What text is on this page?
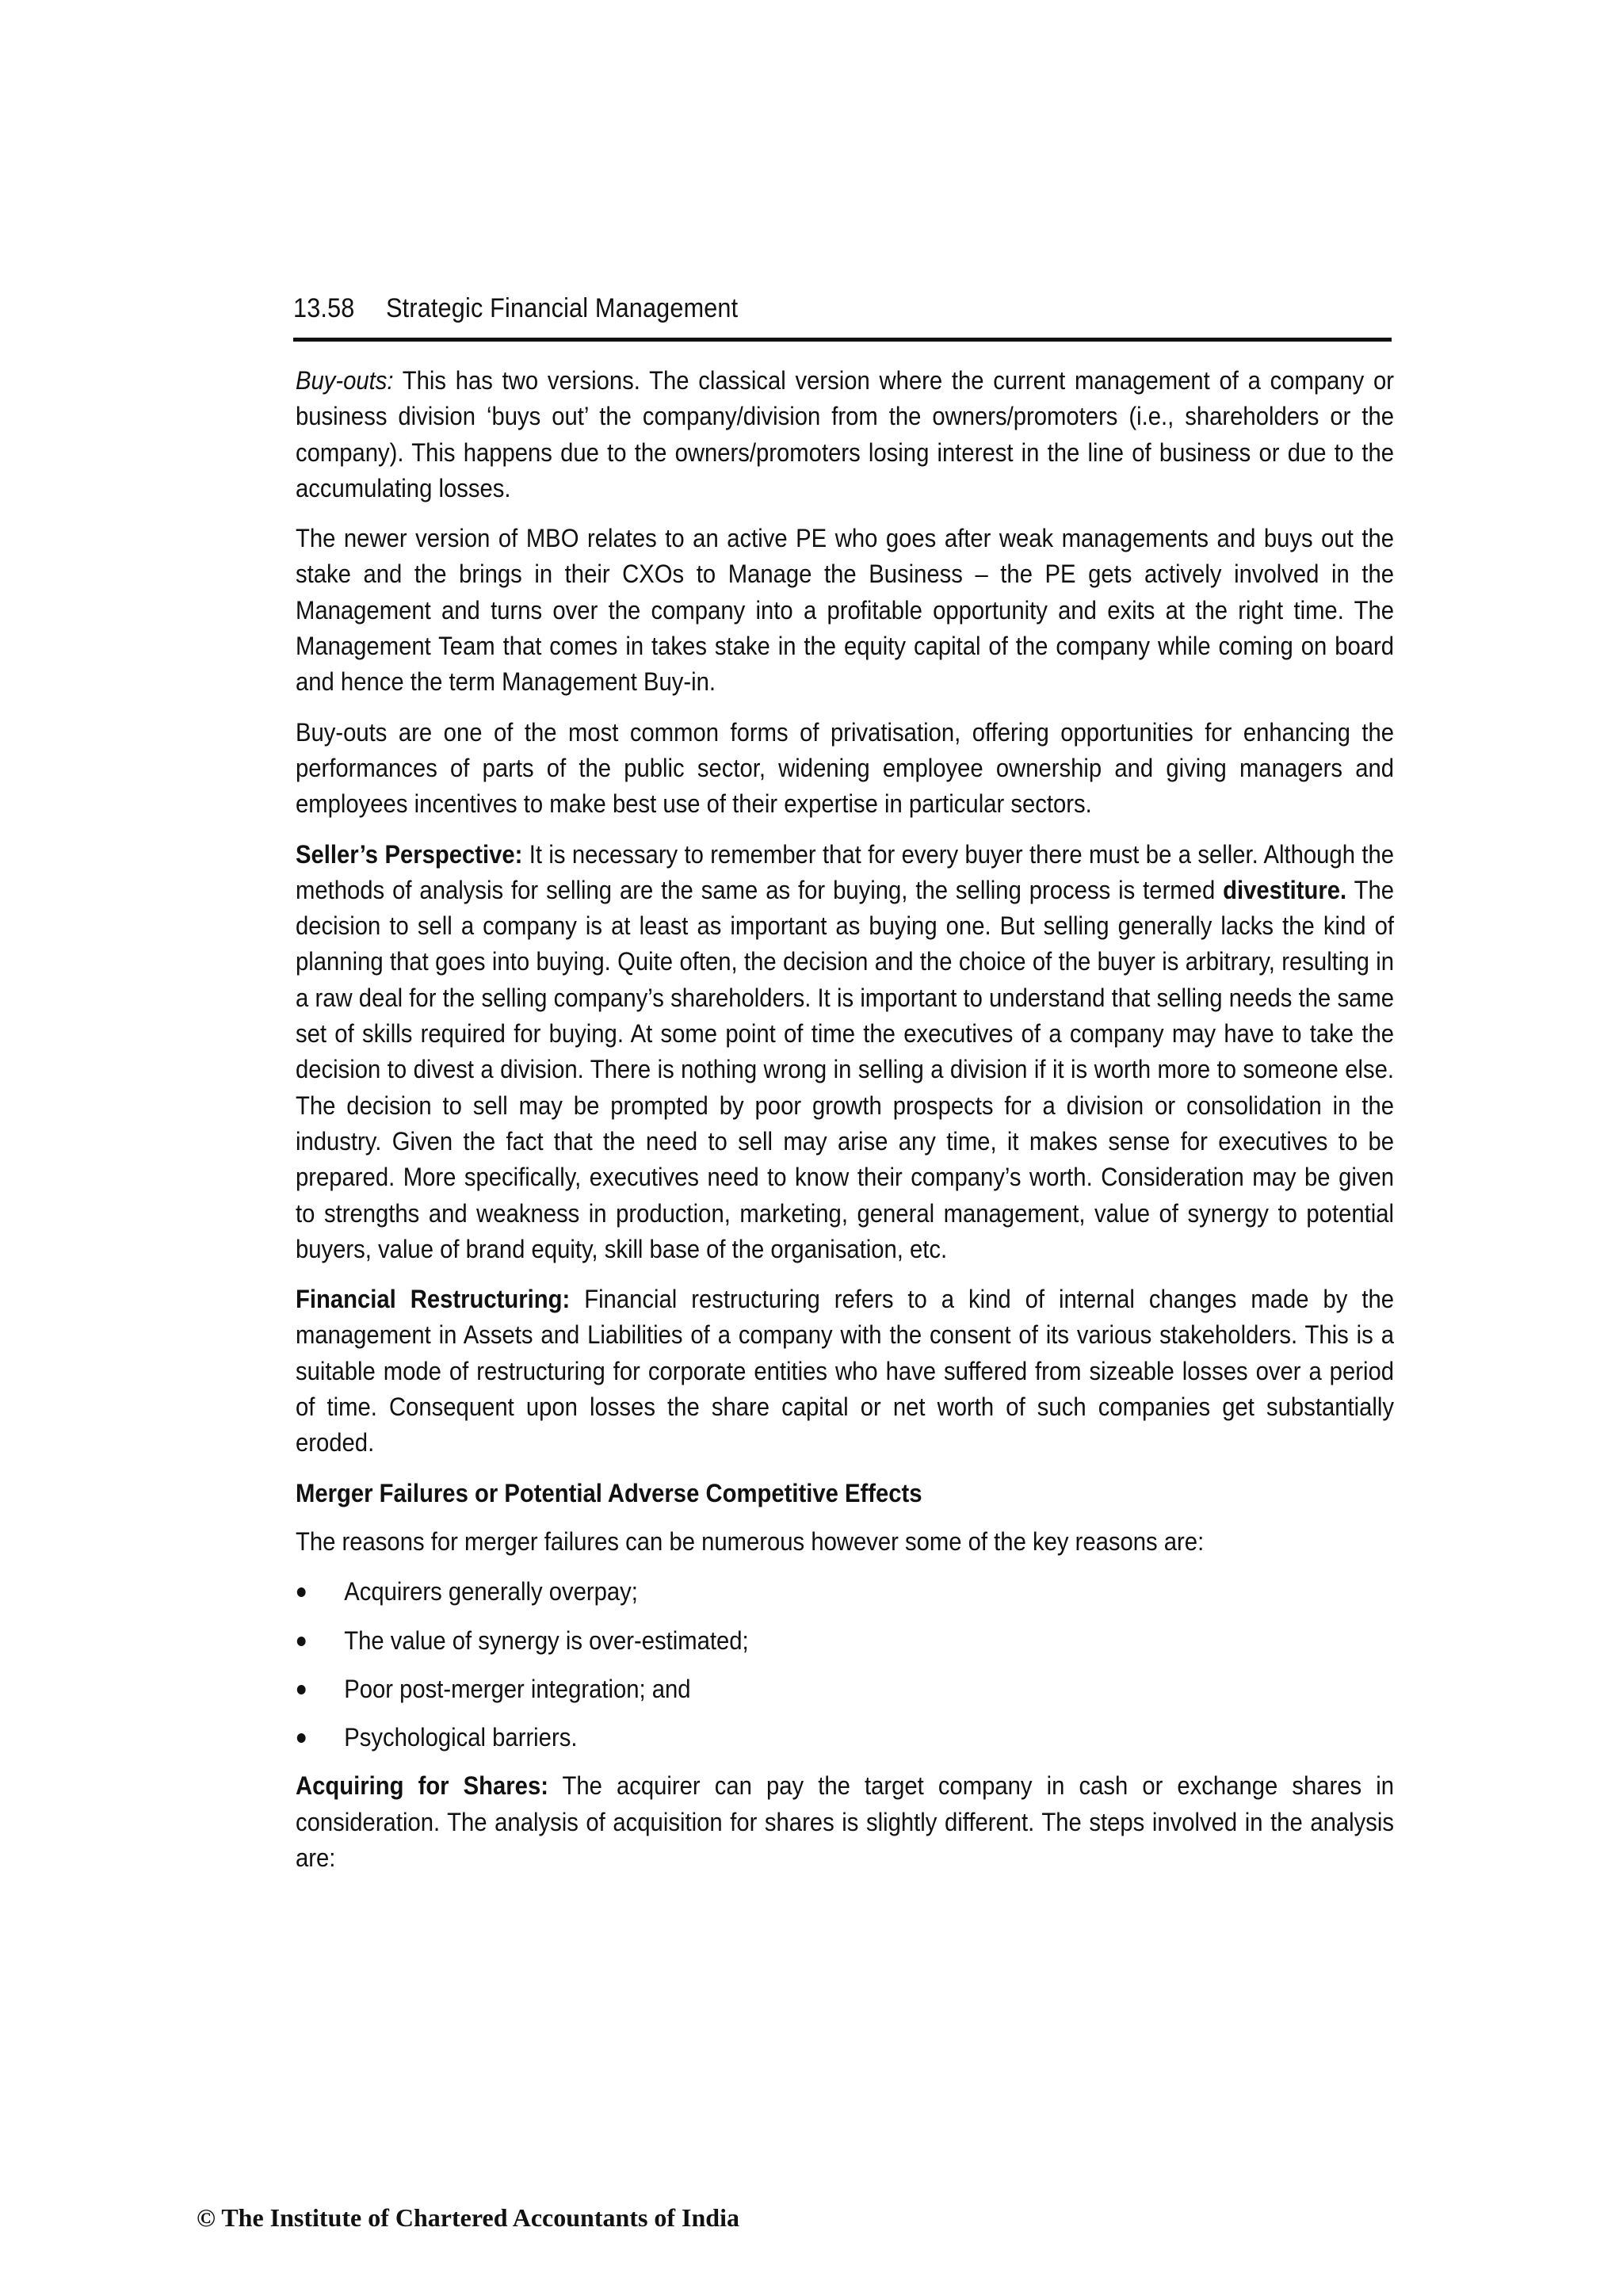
13.58 Strategic Financial Management

Buy-outs: This has two versions. The classical version where the current management of a company or business division ‘buys out’ the company/division from the owners/promoters (i.e., shareholders or the company). This happens due to the owners/promoters losing interest in the line of business or due to the accumulating losses.

The newer version of MBO relates to an active PE who goes after weak managements and buys out the stake and the brings in their CXOs to Manage the Business – the PE gets actively involved in the Management and turns over the company into a profitable opportunity and exits at the right time. The Management Team that comes in takes stake in the equity capital of the company while coming on board and hence the term Management Buy-in.

Buy-outs are one of the most common forms of privatisation, offering opportunities for enhancing the performances of parts of the public sector, widening employee ownership and giving managers and employees incentives to make best use of their expertise in particular sectors.

Seller’s Perspective: It is necessary to remember that for every buyer there must be a seller. Although the methods of analysis for selling are the same as for buying, the selling process is termed divestiture. The decision to sell a company is at least as important as buying one. But selling generally lacks the kind of planning that goes into buying. Quite often, the decision and the choice of the buyer is arbitrary, resulting in a raw deal for the selling company’s shareholders. It is important to understand that selling needs the same set of skills required for buying. At some point of time the executives of a company may have to take the decision to divest a division. There is nothing wrong in selling a division if it is worth more to someone else. The decision to sell may be prompted by poor growth prospects for a division or consolidation in the industry. Given the fact that the need to sell may arise any time, it makes sense for executives to be prepared. More specifically, executives need to know their company’s worth. Consideration may be given to strengths and weakness in production, marketing, general management, value of synergy to potential buyers, value of brand equity, skill base of the organisation, etc.

Financial Restructuring: Financial restructuring refers to a kind of internal changes made by the management in Assets and Liabilities of a company with the consent of its various stakeholders. This is a suitable mode of restructuring for corporate entities who have suffered from sizeable losses over a period of time. Consequent upon losses the share capital or net worth of such companies get substantially eroded.

Merger Failures or Potential Adverse Competitive Effects

The reasons for merger failures can be numerous however some of the key reasons are:

Acquirers generally overpay;
The value of synergy is over-estimated;
Poor post-merger integration; and
Psychological barriers.

Acquiring for Shares: The acquirer can pay the target company in cash or exchange shares in consideration. The analysis of acquisition for shares is slightly different. The steps involved in the analysis are:

© The Institute of Chartered Accountants of India
